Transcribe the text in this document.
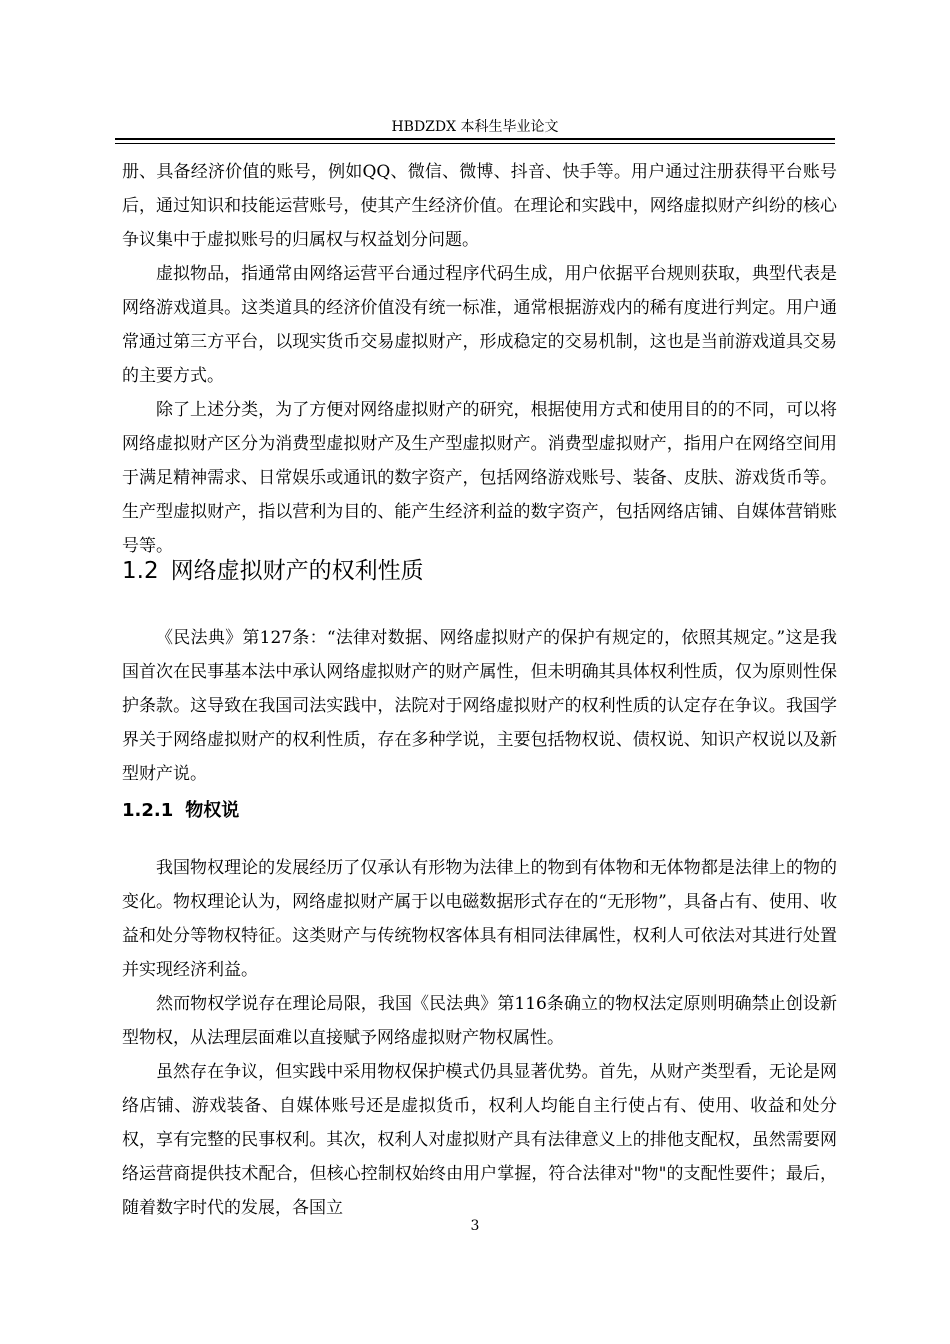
HBDZDX 本科生毕业论文

册、具备经济价值的账号，例如QQ、微信、微博、抖音、快手等。用户通过注册获得平台账号后，通过知识和技能运营账号，使其产生经济价值。在理论和实践中，网络虚拟财产纠纷的核心争议集中于虚拟账号的归属权与权益划分问题。

虚拟物品，指通常由网络运营平台通过程序代码生成，用户依据平台规则获取，典型代表是网络游戏道具。这类道具的经济价值没有统一标准，通常根据游戏内的稀有度进行判定。用户通常通过第三方平台，以现实货币交易虚拟财产，形成稳定的交易机制，这也是当前游戏道具交易的主要方式。

除了上述分类，为了方便对网络虚拟财产的研究，根据使用方式和使用目的的不同，可以将网络虚拟财产区分为消费型虚拟财产及生产型虚拟财产。消费型虚拟财产，指用户在网络空间用于满足精神需求、日常娱乐或通讯的数字资产，包括网络游戏账号、装备、皮肤、游戏货币等。生产型虚拟财产，指以营利为目的、能产生经济利益的数字资产，包括网络店铺、自媒体营销账号等。

1.2 网络虚拟财产的权利性质

《民法典》第127条：“法律对数据、网络虚拟财产的保护有规定的，依照其规定。”这是我国首次在民事基本法中承认网络虚拟财产的财产属性，但未明确其具体权利性质，仅为原则性保护条款。这导致在我国司法实践中，法院对于网络虚拟财产的权利性质的认定存在争议。我国学界关于网络虚拟财产的权利性质，存在多种学说，主要包括物权说、债权说、知识产权说以及新型财产说。

1.2.1 物权说

我国物权理论的发展经历了仅承认有形物为法律上的物到有体物和无体物都是法律上的物的变化。物权理论认为，网络虚拟财产属于以电磁数据形式存在的“无形物”，具备占有、使用、收益和处分等物权特征。这类财产与传统物权客体具有相同法律属性，权利人可依法对其进行处置并实现经济利益。

然而物权学说存在理论局限，我国《民法典》第116条确立的物权法定原则明确禁止创设新型物权，从法理层面难以直接赋予网络虚拟财产物权属性。

虽然存在争议，但实践中采用物权保护模式仍具显著优势。首先，从财产类型看，无论是网络店铺、游戏装备、自媒体账号还是虚拟货币，权利人均能自主行使占有、使用、收益和处分权，享有完整的民事权利。其次，权利人对虚拟财产具有法律意义上的排他支配权，虽然需要网络运营商提供技术配合，但核心控制权始终由用户掌握，符合法律对"物"的支配性要件；最后，随着数字时代的发展，各国立

3
